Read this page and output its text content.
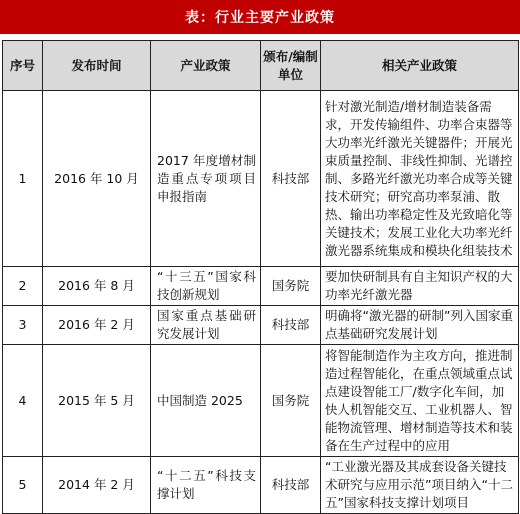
表：行业主要产业政策
序号	发布时间	产业政策	颁布/编制单位	相关产业政策
1	2016 年 10 月	2017 年度增材制造重点专项项目申报指南	科技部	针对激光制造/增材制造装备需求，开发传输组件、功率合束器等大功率光纤激光关键器件；开展光束质量控制、非线性抑制、光谱控制、多路光纤激光功率合成等关键技术研究；研究高功率泵浦、散热、输出功率稳定性及光致暗化等关键技术；发展工业化大功率光纤激光器系统集成和模块化组装技术
2	2016 年 8 月	“十三五”国家科技创新规划	国务院	要加快研制具有自主知识产权的大功率光纤激光器
3	2016 年 2 月	国家重点基础研究发展计划	科技部	明确将“激光器的研制”列入国家重点基础研究发展计划
4	2015 年 5 月	中国制造 2025	国务院	将智能制造作为主攻方向，推进制造过程智能化，在重点领域重点试点建设智能工厂/数字化车间，加快人机智能交互、工业机器人、智能物流管理、增材制造等技术和装备在生产过程中的应用
5	2014 年 2 月	“十二五”科技支撑计划	科技部	“工业激光器及其成套设备关键技术研究与应用示范”项目纳入“十二五”国家科技支撑计划项目
